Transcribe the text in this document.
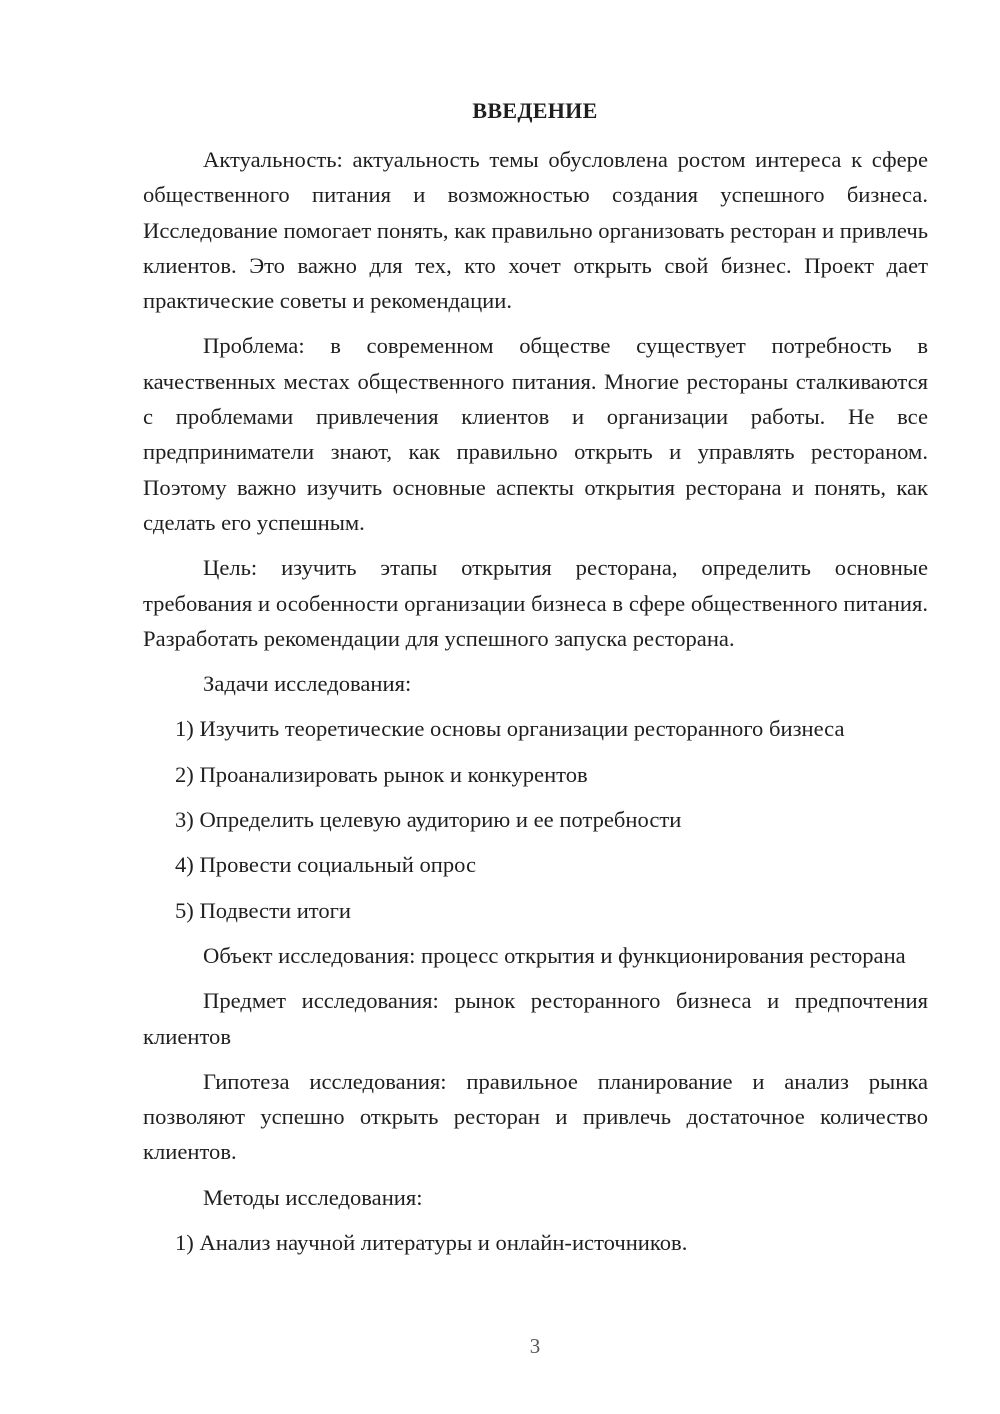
ВВЕДЕНИЕ

Актуальность: актуальность темы обусловлена ростом интереса к сфере общественного питания и возможностью создания успешного бизнеса. Исследование помогает понять, как правильно организовать ресторан и привлечь клиентов. Это важно для тех, кто хочет открыть свой бизнес. Проект дает практические советы и рекомендации.

Проблема: в современном обществе существует потребность в качественных местах общественного питания. Многие рестораны сталкиваются с проблемами привлечения клиентов и организации работы. Не все предприниматели знают, как правильно открыть и управлять рестораном. Поэтому важно изучить основные аспекты открытия ресторана и понять, как сделать его успешным.

Цель: изучить этапы открытия ресторана, определить основные требования и особенности организации бизнеса в сфере общественного питания. Разработать рекомендации для успешного запуска ресторана.

Задачи исследования:

1) Изучить теоретические основы организации ресторанного бизнеса
2) Проанализировать рынок и конкурентов
3) Определить целевую аудиторию и ее потребности
4) Провести социальный опрос
5) Подвести итоги

Объект исследования: процесс открытия и функционирования ресторана

Предмет исследования: рынок ресторанного бизнеса и предпочтения клиентов

Гипотеза исследования: правильное планирование и анализ рынка позволяют успешно открыть ресторан и привлечь достаточное количество клиентов.

Методы исследования:

1) Анализ научной литературы и онлайн-источников.
3
